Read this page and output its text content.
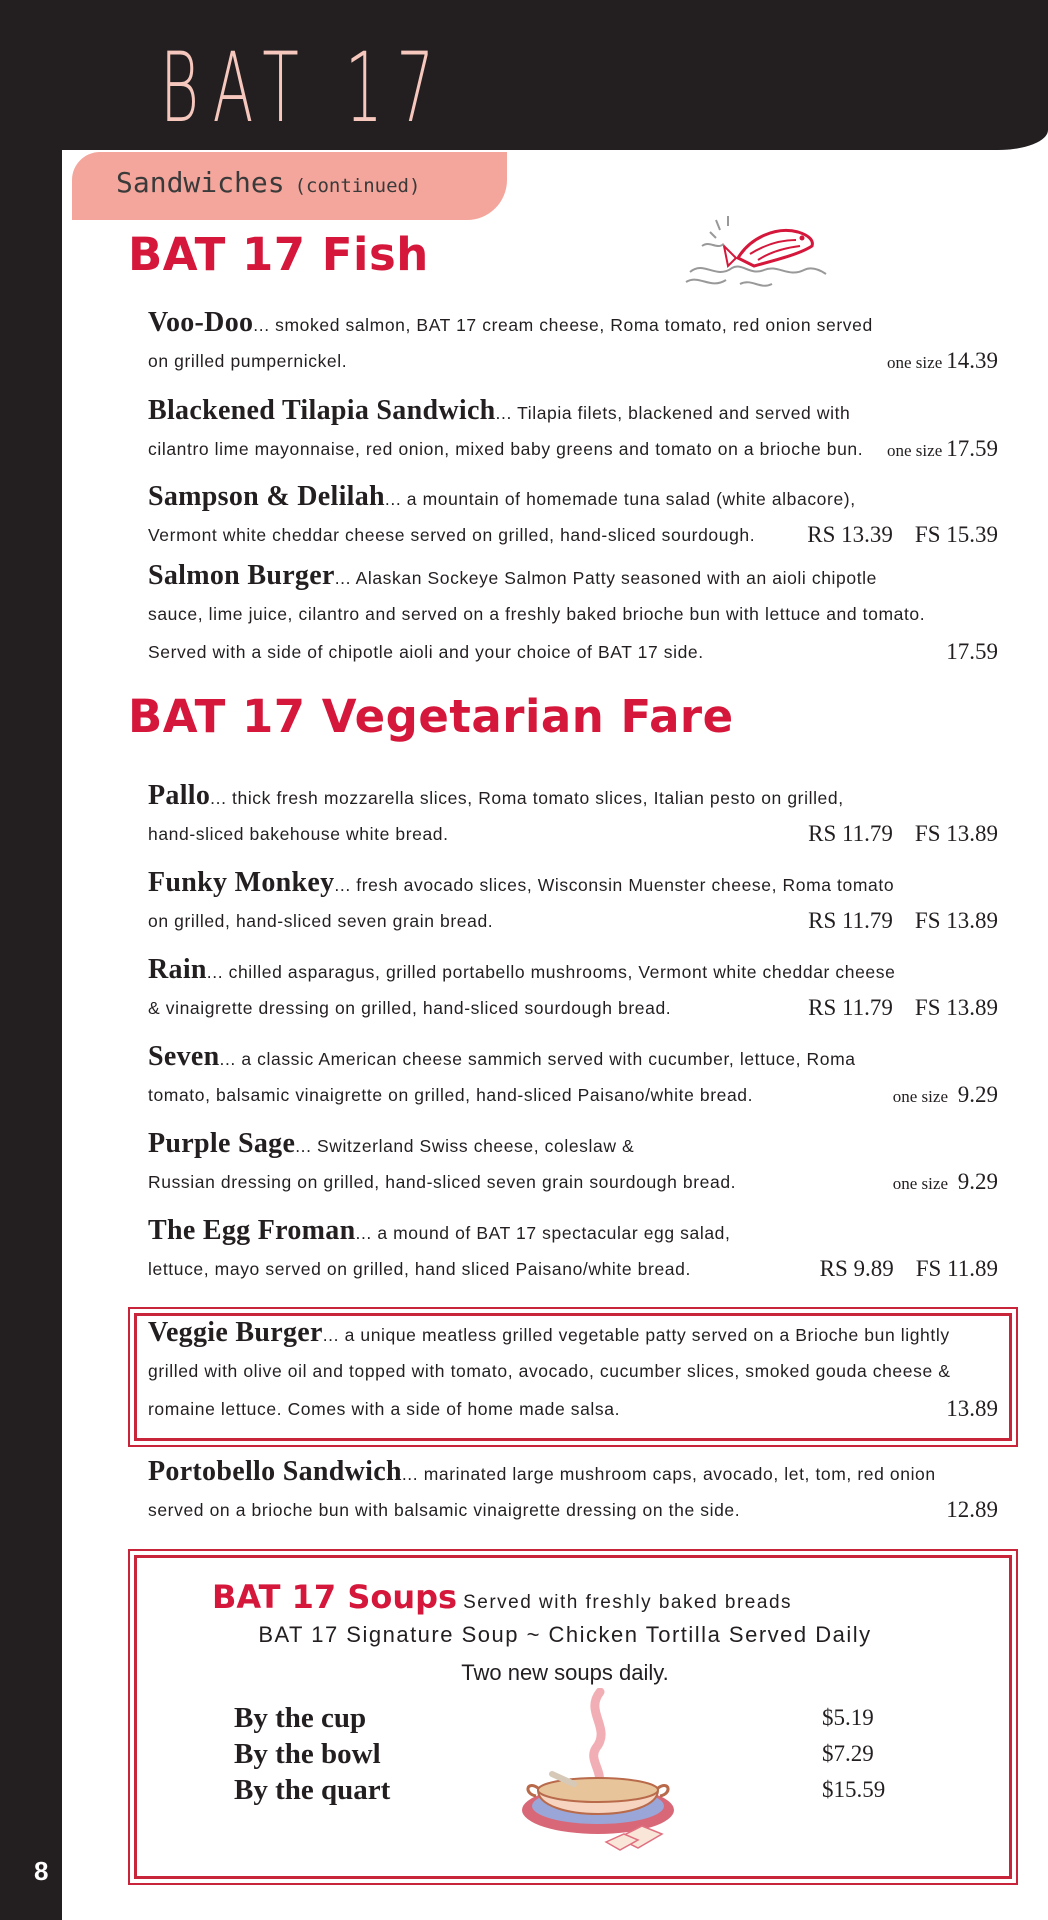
BAT 17
Sandwiches (continued)
8
BAT 17 Fish
Voo-Doo... smoked salmon, BAT 17 cream cheese, Roma tomato, red onion served
on grilled pumpernickel.	one size 14.39
Blackened Tilapia Sandwich... Tilapia filets, blackened and served with
cilantro lime mayonnaise, red onion, mixed baby greens and tomato on a brioche bun. one size 17.59
Sampson & Delilah... a mountain of homemade tuna salad (white albacore),
Vermont white cheddar cheese served on grilled, hand-sliced sourdough. RS 13.39 FS 15.39
Salmon Burger... Alaskan Sockeye Salmon Patty seasoned with an aioli chipotle
sauce, lime juice, cilantro and served on a freshly baked brioche bun with lettuce and tomato.
Served with a side of chipotle aioli and your choice of BAT 17 side.	17.59
BAT 17 Vegetarian Fare
Pallo... thick fresh mozzarella slices, Roma tomato slices, Italian pesto on grilled,
hand-sliced bakehouse white bread.	RS 11.79 FS 13.89
Funky Monkey... fresh avocado slices, Wisconsin Muenster cheese, Roma tomato
on grilled, hand-sliced seven grain bread.	RS 11.79 FS 13.89
Rain... chilled asparagus, grilled portabello mushrooms, Vermont white cheddar cheese
& vinaigrette dressing on grilled, hand-sliced sourdough bread.	RS 11.79 FS 13.89
Seven... a classic American cheese sammich served with cucumber, lettuce, Roma
tomato, balsamic vinaigrette on grilled, hand-sliced Paisano/white bread.	one size 9.29
Purple Sage... Switzerland Swiss cheese, coleslaw &
Russian dressing on grilled, hand-sliced seven grain sourdough bread.	one size 9.29
The Egg Froman... a mound of BAT 17 spectacular egg salad,
lettuce, mayo served on grilled, hand sliced Paisano/white bread.	RS 9.89 FS 11.89
Veggie Burger... a unique meatless grilled vegetable patty served on a Brioche bun lightly
grilled with olive oil and topped with tomato, avocado, cucumber slices, smoked gouda cheese &
romaine lettuce. Comes with a side of home made salsa.	13.89
Portobello Sandwich... marinated large mushroom caps, avocado, let, tom, red onion
served on a brioche bun with balsamic vinaigrette dressing on the side.	12.89
BAT 17 Soups Served with freshly baked breads
BAT 17 Signature Soup ~ Chicken Tortilla Served Daily
Two new soups daily.
By the cup	$5.19
By the bowl	$7.29
By the quart	$15.59
